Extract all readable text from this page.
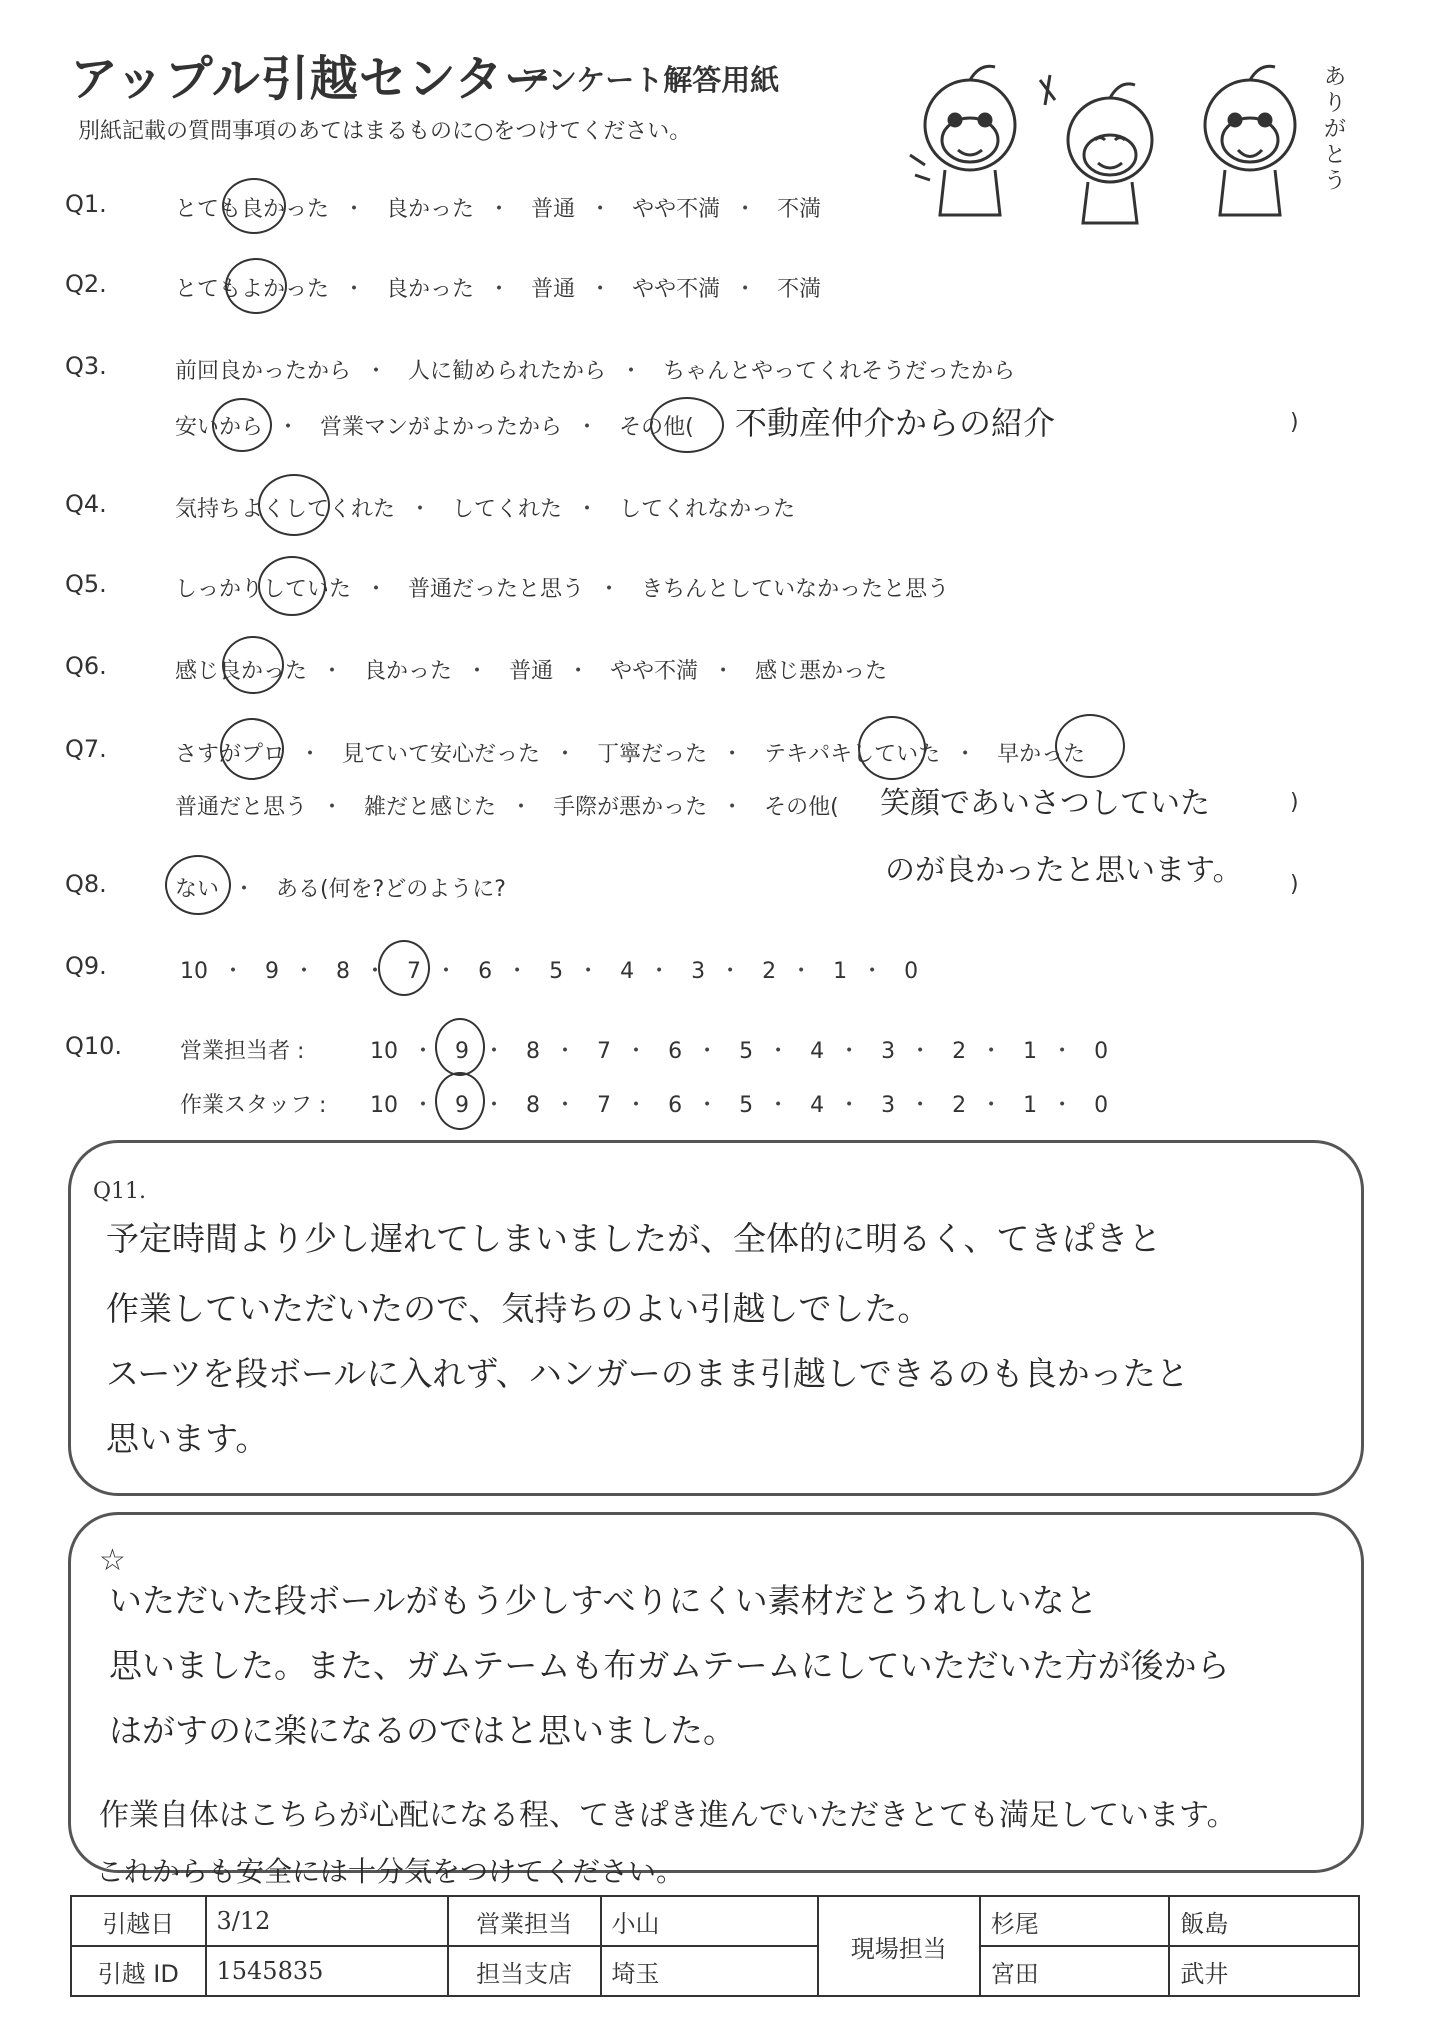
アップル引越センター
アンケート解答用紙
別紙記載の質問事項のあてはまるものに○をつけてください。
ありがとう
Q1.	とても良かった ・ 良かった ・ 普通 ・ やや不満 ・ 不満
Q2.	とてもよかった ・ 良かった ・ 普通 ・ やや不満 ・ 不満
Q3.	前回良かったから ・ 人に勧められたから ・ ちゃんとやってくれそうだったから
安いから ・ 営業マンがよかったから ・ その他( 不動産仲介からの紹介	)
Q4.	気持ちよくしてくれた ・ してくれた ・ してくれなかった
Q5.	しっかりしていた ・ 普通だったと思う ・ きちんとしていなかったと思う
Q6.	感じ良かった ・ 良かった ・ 普通 ・ やや不満 ・ 感じ悪かった
Q7.	さすがプロ ・ 見ていて安心だった ・ 丁寧だった ・ テキパキしていた ・ 早かった
普通だと思う ・ 雑だと感じた ・ 手際が悪かった ・ その他( 笑顔であいさつしていた	)
のが良かったと思います。
Q8.	ない ・ ある(何を?どのように?	)
Q9.	10 ・ 9 ・ 8 ・ 7 ・ 6 ・ 5 ・ 4 ・ 3 ・ 2 ・ 1 ・ 0
Q10.	営業担当者 :	10 ・ 9 ・ 8 ・ 7 ・ 6 ・ 5 ・ 4 ・ 3 ・ 2 ・ 1 ・ 0
作業スタッフ : 10 ・ 9 ・ 8 ・ 7 ・ 6 ・ 5 ・ 4 ・ 3 ・ 2 ・ 1 ・ 0
Q11.
予定時間より少し遅れてしまいましたが、全体的に明るく、てきぱきと
作業していただいたので、気持ちのよい引越しでした。
スーツを段ボールに入れず、ハンガーのまま引越しできるのも良かったと
思います。
☆
いただいた段ボールがもう少しすべりにくい素材だとうれしいなと
思いました。また、ガムテームも布ガムテームにしていただいた方が後から
はがすのに楽になるのではと思いました。
作業自体はこちらが心配になる程、てきぱき進んでいただきとても満足しています。
これからも安全には十分気をつけてください。
引越日	3/12	営業担当	小山	現場担当	杉尾	飯島
引越 ID	1545835	担当支店	埼玉		宮田	武井
